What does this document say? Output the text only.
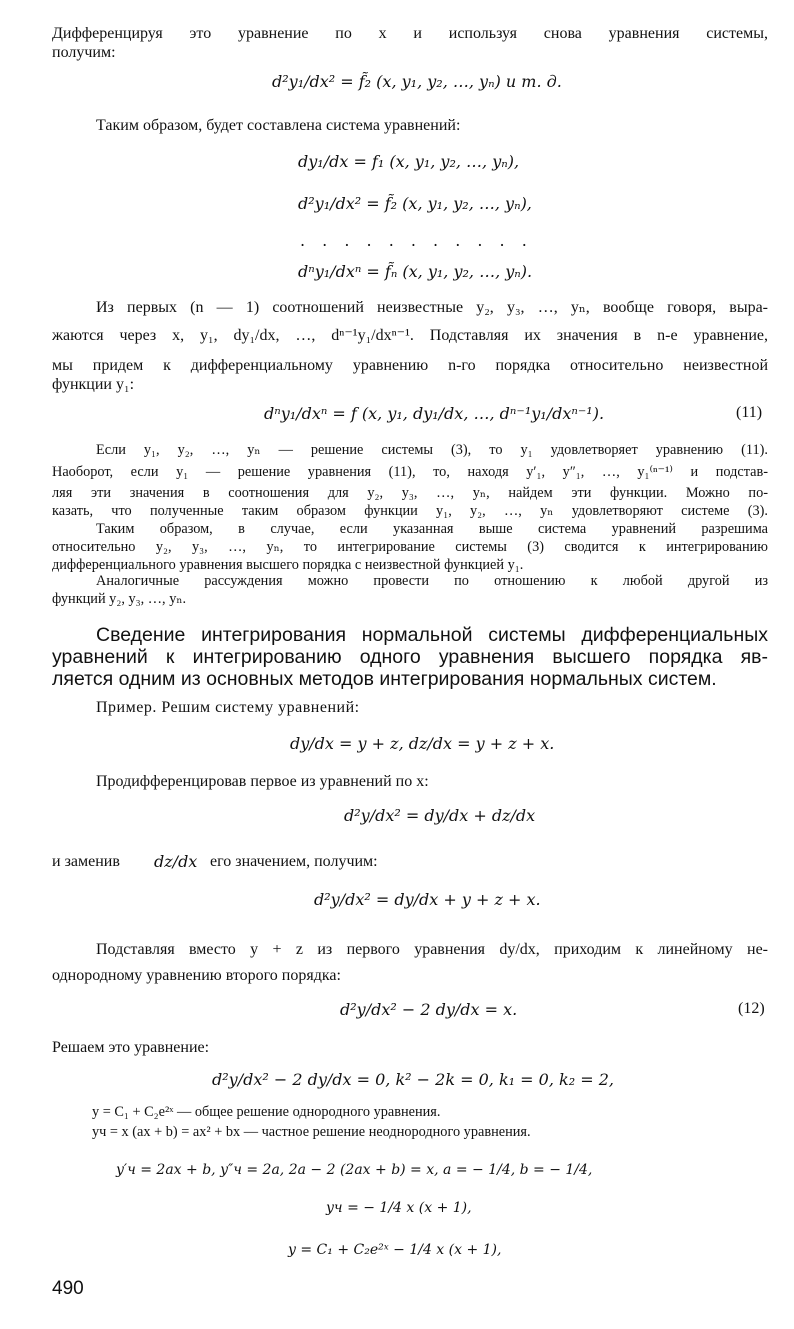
Дифференцируя это уравнение по x и используя снова уравнения системы,
получим:
d²y₁/dx² = f̃₂ (x, y₁, y₂, …, yₙ) и т. д.
Таким образом, будет составлена система уравнений:
dy₁/dx = f₁ (x, y₁, y₂, …, yₙ),
d²y₁/dx² = f̃₂ (x, y₁, y₂, …, yₙ),
. . . . . . . . . . .
dⁿy₁/dxⁿ = f̃ₙ (x, y₁, y₂, …, yₙ).
Из первых (n — 1) соотношений неизвестные y₂, y₃, …, yₙ, вообще говоря, выра-
жаются через x, y₁, dy₁/dx, …, dⁿ⁻¹y₁/dxⁿ⁻¹. Подставляя их значения в n-е уравнение,
мы придем к дифференциальному уравнению n-го порядка относительно неизвестной
функции y₁:
dⁿy₁/dxⁿ = f (x, y₁, dy₁/dx, …, dⁿ⁻¹y₁/dxⁿ⁻¹).	(11)
Если y₁, y₂, …, yₙ — решение системы (3), то y₁ удовлетворяет уравнению (11).
Наоборот, если y₁ — решение уравнения (11), то, находя y′₁, y″₁, …, y₁⁽ⁿ⁻¹⁾ и подстав-
ляя эти значения в соотношения для y₂, y₃, …, yₙ, найдем эти функции. Можно по-
казать, что полученные таким образом функции y₁, y₂, …, yₙ удовлетворяют системе (3).
Таким образом, в случае, если указанная выше система уравнений разрешима
относительно y₂, y₃, …, yₙ, то интегрирование системы (3) сводится к интегрированию
дифференциального уравнения высшего порядка с неизвестной функцией y₁.
Аналогичные рассуждения можно провести по отношению к любой другой из
функций y₂, y₃, …, yₙ.
Сведение интегрирования нормальной системы дифференциальных
уравнений к интегрированию одного уравнения высшего порядка яв-
ляется одним из основных методов интегрирования нормальных систем.
Пример. Решим систему уравнений:
dy/dx = y + z, dz/dx = y + z + x.
Продифференцировав первое из уравнений по x:
d²y/dx² = dy/dx + dz/dx
и заменив dz/dx его значением, получим:
d²y/dx² = dy/dx + y + z + x.
Подставляя вместо y + z из первого уравнения dy/dx, приходим к линейному не-
однородному уравнению второго порядка:
d²y/dx² − 2 dy/dx = x.	(12)
Решаем это уравнение:
d²y/dx² − 2 dy/dx = 0, k² − 2k = 0, k₁ = 0, k₂ = 2,
y = C₁ + C₂e²ˣ — общее решение однородного уравнения.
yч = x (ax + b) = ax² + bx — частное решение неоднородного уравнения.
y′ч = 2ax + b, y″ч = 2a, 2a − 2 (2ax + b) = x, a = − 1/4, b = − 1/4,
yч = − 1/4 x (x + 1),
y = C₁ + C₂e²ˣ − 1/4 x (x + 1),
490
